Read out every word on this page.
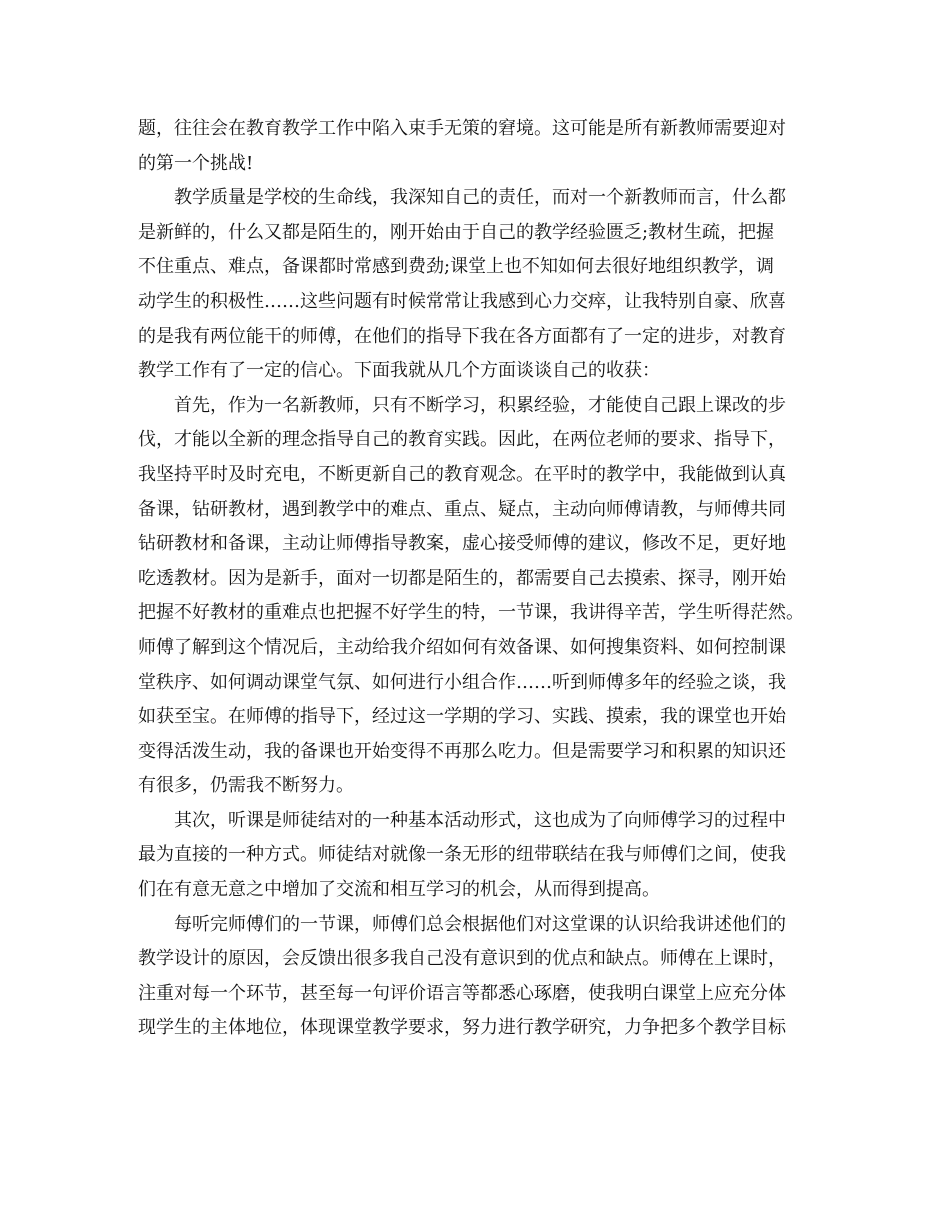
题，往往会在教育教学工作中陷入束手无策的窘境。这可能是所有新教师需要迎对
的第一个挑战!
教学质量是学校的生命线，我深知自己的责任，而对一个新教师而言，什么都
是新鲜的，什么又都是陌生的，刚开始由于自己的教学经验匮乏;教材生疏，把握
不住重点、难点，备课都时常感到费劲;课堂上也不知如何去很好地组织教学，调
动学生的积极性……这些问题有时候常常让我感到心力交瘁，让我特别自豪、欣喜
的是我有两位能干的师傅，在他们的指导下我在各方面都有了一定的进步，对教育
教学工作有了一定的信心。下面我就从几个方面谈谈自己的收获：
首先，作为一名新教师，只有不断学习，积累经验，才能使自己跟上课改的步
伐，才能以全新的理念指导自己的教育实践。因此，在两位老师的要求、指导下，
我坚持平时及时充电，不断更新自己的教育观念。在平时的教学中，我能做到认真
备课，钻研教材，遇到教学中的难点、重点、疑点，主动向师傅请教，与师傅共同
钻研教材和备课，主动让师傅指导教案，虚心接受师傅的建议，修改不足，更好地
吃透教材。因为是新手，面对一切都是陌生的，都需要自己去摸索、探寻，刚开始
把握不好教材的重难点也把握不好学生的特，一节课，我讲得辛苦，学生听得茫然。
师傅了解到这个情况后，主动给我介绍如何有效备课、如何搜集资料、如何控制课
堂秩序、如何调动课堂气氛、如何进行小组合作……听到师傅多年的经验之谈，我
如获至宝。在师傅的指导下，经过这一学期的学习、实践、摸索，我的课堂也开始
变得活泼生动，我的备课也开始变得不再那么吃力。但是需要学习和积累的知识还
有很多，仍需我不断努力。
其次，听课是师徒结对的一种基本活动形式，这也成为了向师傅学习的过程中
最为直接的一种方式。师徒结对就像一条无形的纽带联结在我与师傅们之间，使我
们在有意无意之中增加了交流和相互学习的机会，从而得到提高。
每听完师傅们的一节课，师傅们总会根据他们对这堂课的认识给我讲述他们的
教学设计的原因，会反馈出很多我自己没有意识到的优点和缺点。师傅在上课时，
注重对每一个环节，甚至每一句评价语言等都悉心琢磨，使我明白课堂上应充分体
现学生的主体地位，体现课堂教学要求，努力进行教学研究，力争把多个教学目标
